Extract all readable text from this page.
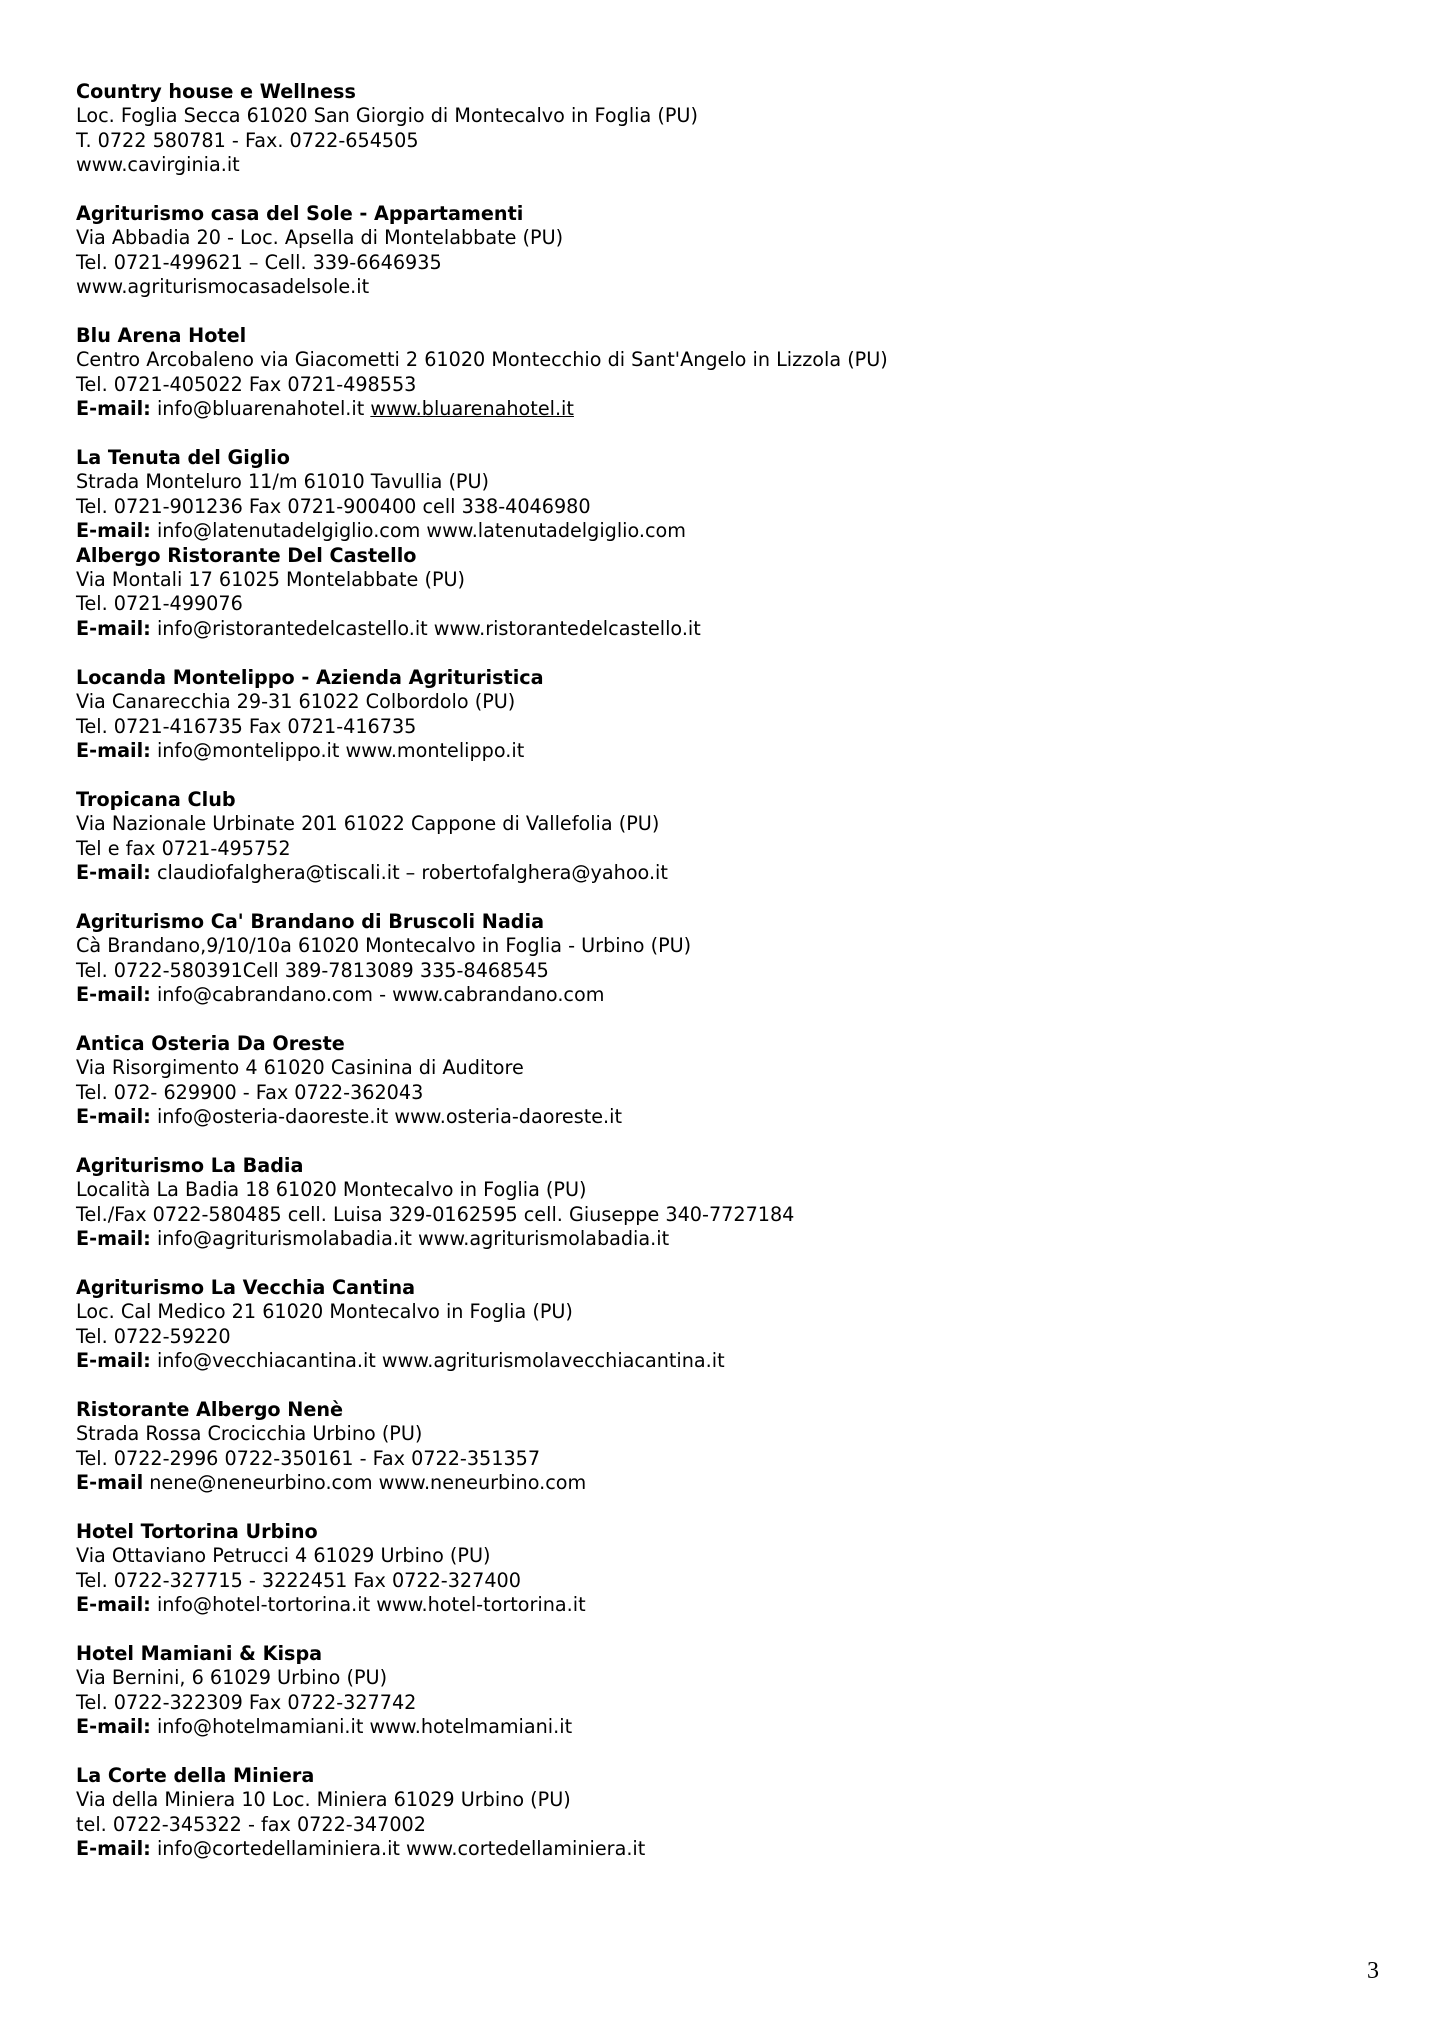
Country house e Wellness
Loc. Foglia Secca 61020 San Giorgio di Montecalvo in Foglia (PU)
T. 0722 580781 - Fax. 0722-654505
www.cavirginia.it
Agriturismo casa del Sole - Appartamenti
Via Abbadia 20 - Loc. Apsella di Montelabbate (PU)
Tel. 0721-499621 – Cell. 339-6646935
www.agriturismocasadelsole.it
Blu Arena Hotel
Centro Arcobaleno via Giacometti 2 61020 Montecchio di Sant'Angelo in Lizzola (PU)
Tel. 0721-405022 Fax 0721-498553
E-mail: info@bluarenahotel.it www.bluarenahotel.it
La Tenuta del Giglio
Strada Monteluro 11/m 61010 Tavullia (PU)
Tel. 0721-901236 Fax 0721-900400 cell 338-4046980
E-mail: info@latenutadelgiglio.com www.latenutadelgiglio.com
Albergo Ristorante Del Castello
Via Montali 17 61025 Montelabbate (PU)
Tel. 0721-499076
E-mail: info@ristorantedelcastello.it www.ristorantedelcastello.it
Locanda Montelippo - Azienda Agrituristica
Via Canarecchia 29-31 61022 Colbordolo (PU)
Tel. 0721-416735 Fax 0721-416735
E-mail: info@montelippo.it www.montelippo.it
Tropicana Club
Via Nazionale Urbinate 201 61022 Cappone di Vallefolia (PU)
Tel e fax 0721-495752
E-mail: claudiofalghera@tiscali.it – robertofalghera@yahoo.it
Agriturismo Ca' Brandano di Bruscoli Nadia
Cà Brandano,9/10/10a 61020 Montecalvo in Foglia - Urbino (PU)
Tel. 0722-580391Cell 389-7813089 335-8468545
E-mail: info@cabrandano.com - www.cabrandano.com
Antica Osteria Da Oreste
Via Risorgimento 4 61020 Casinina di Auditore
Tel. 072- 629900 - Fax 0722-362043
E-mail: info@osteria-daoreste.it www.osteria-daoreste.it
Agriturismo La Badia
Località La Badia 18 61020 Montecalvo in Foglia (PU)
Tel./Fax 0722-580485 cell. Luisa 329-0162595 cell. Giuseppe 340-7727184
E-mail: info@agriturismolabadia.it www.agriturismolabadia.it
Agriturismo La Vecchia Cantina
Loc. Cal Medico 21 61020 Montecalvo in Foglia (PU)
Tel. 0722-59220
E-mail: info@vecchiacantina.it www.agriturismolavecchiacantina.it
Ristorante Albergo Nenè
Strada Rossa Crocicchia Urbino (PU)
Tel. 0722-2996 0722-350161 - Fax 0722-351357
E-mail nene@neneurbino.com www.neneurbino.com
Hotel Tortorina Urbino
Via Ottaviano Petrucci 4 61029 Urbino (PU)
Tel. 0722-327715 - 3222451 Fax 0722-327400
E-mail: info@hotel-tortorina.it www.hotel-tortorina.it
Hotel Mamiani & Kispa
Via Bernini, 6 61029 Urbino (PU)
Tel. 0722-322309 Fax 0722-327742
E-mail: info@hotelmamiani.it www.hotelmamiani.it
La Corte della Miniera
Via della Miniera 10 Loc. Miniera 61029 Urbino (PU)
tel. 0722-345322 - fax 0722-347002
E-mail: info@cortedellaminiera.it www.cortedellaminiera.it
3
